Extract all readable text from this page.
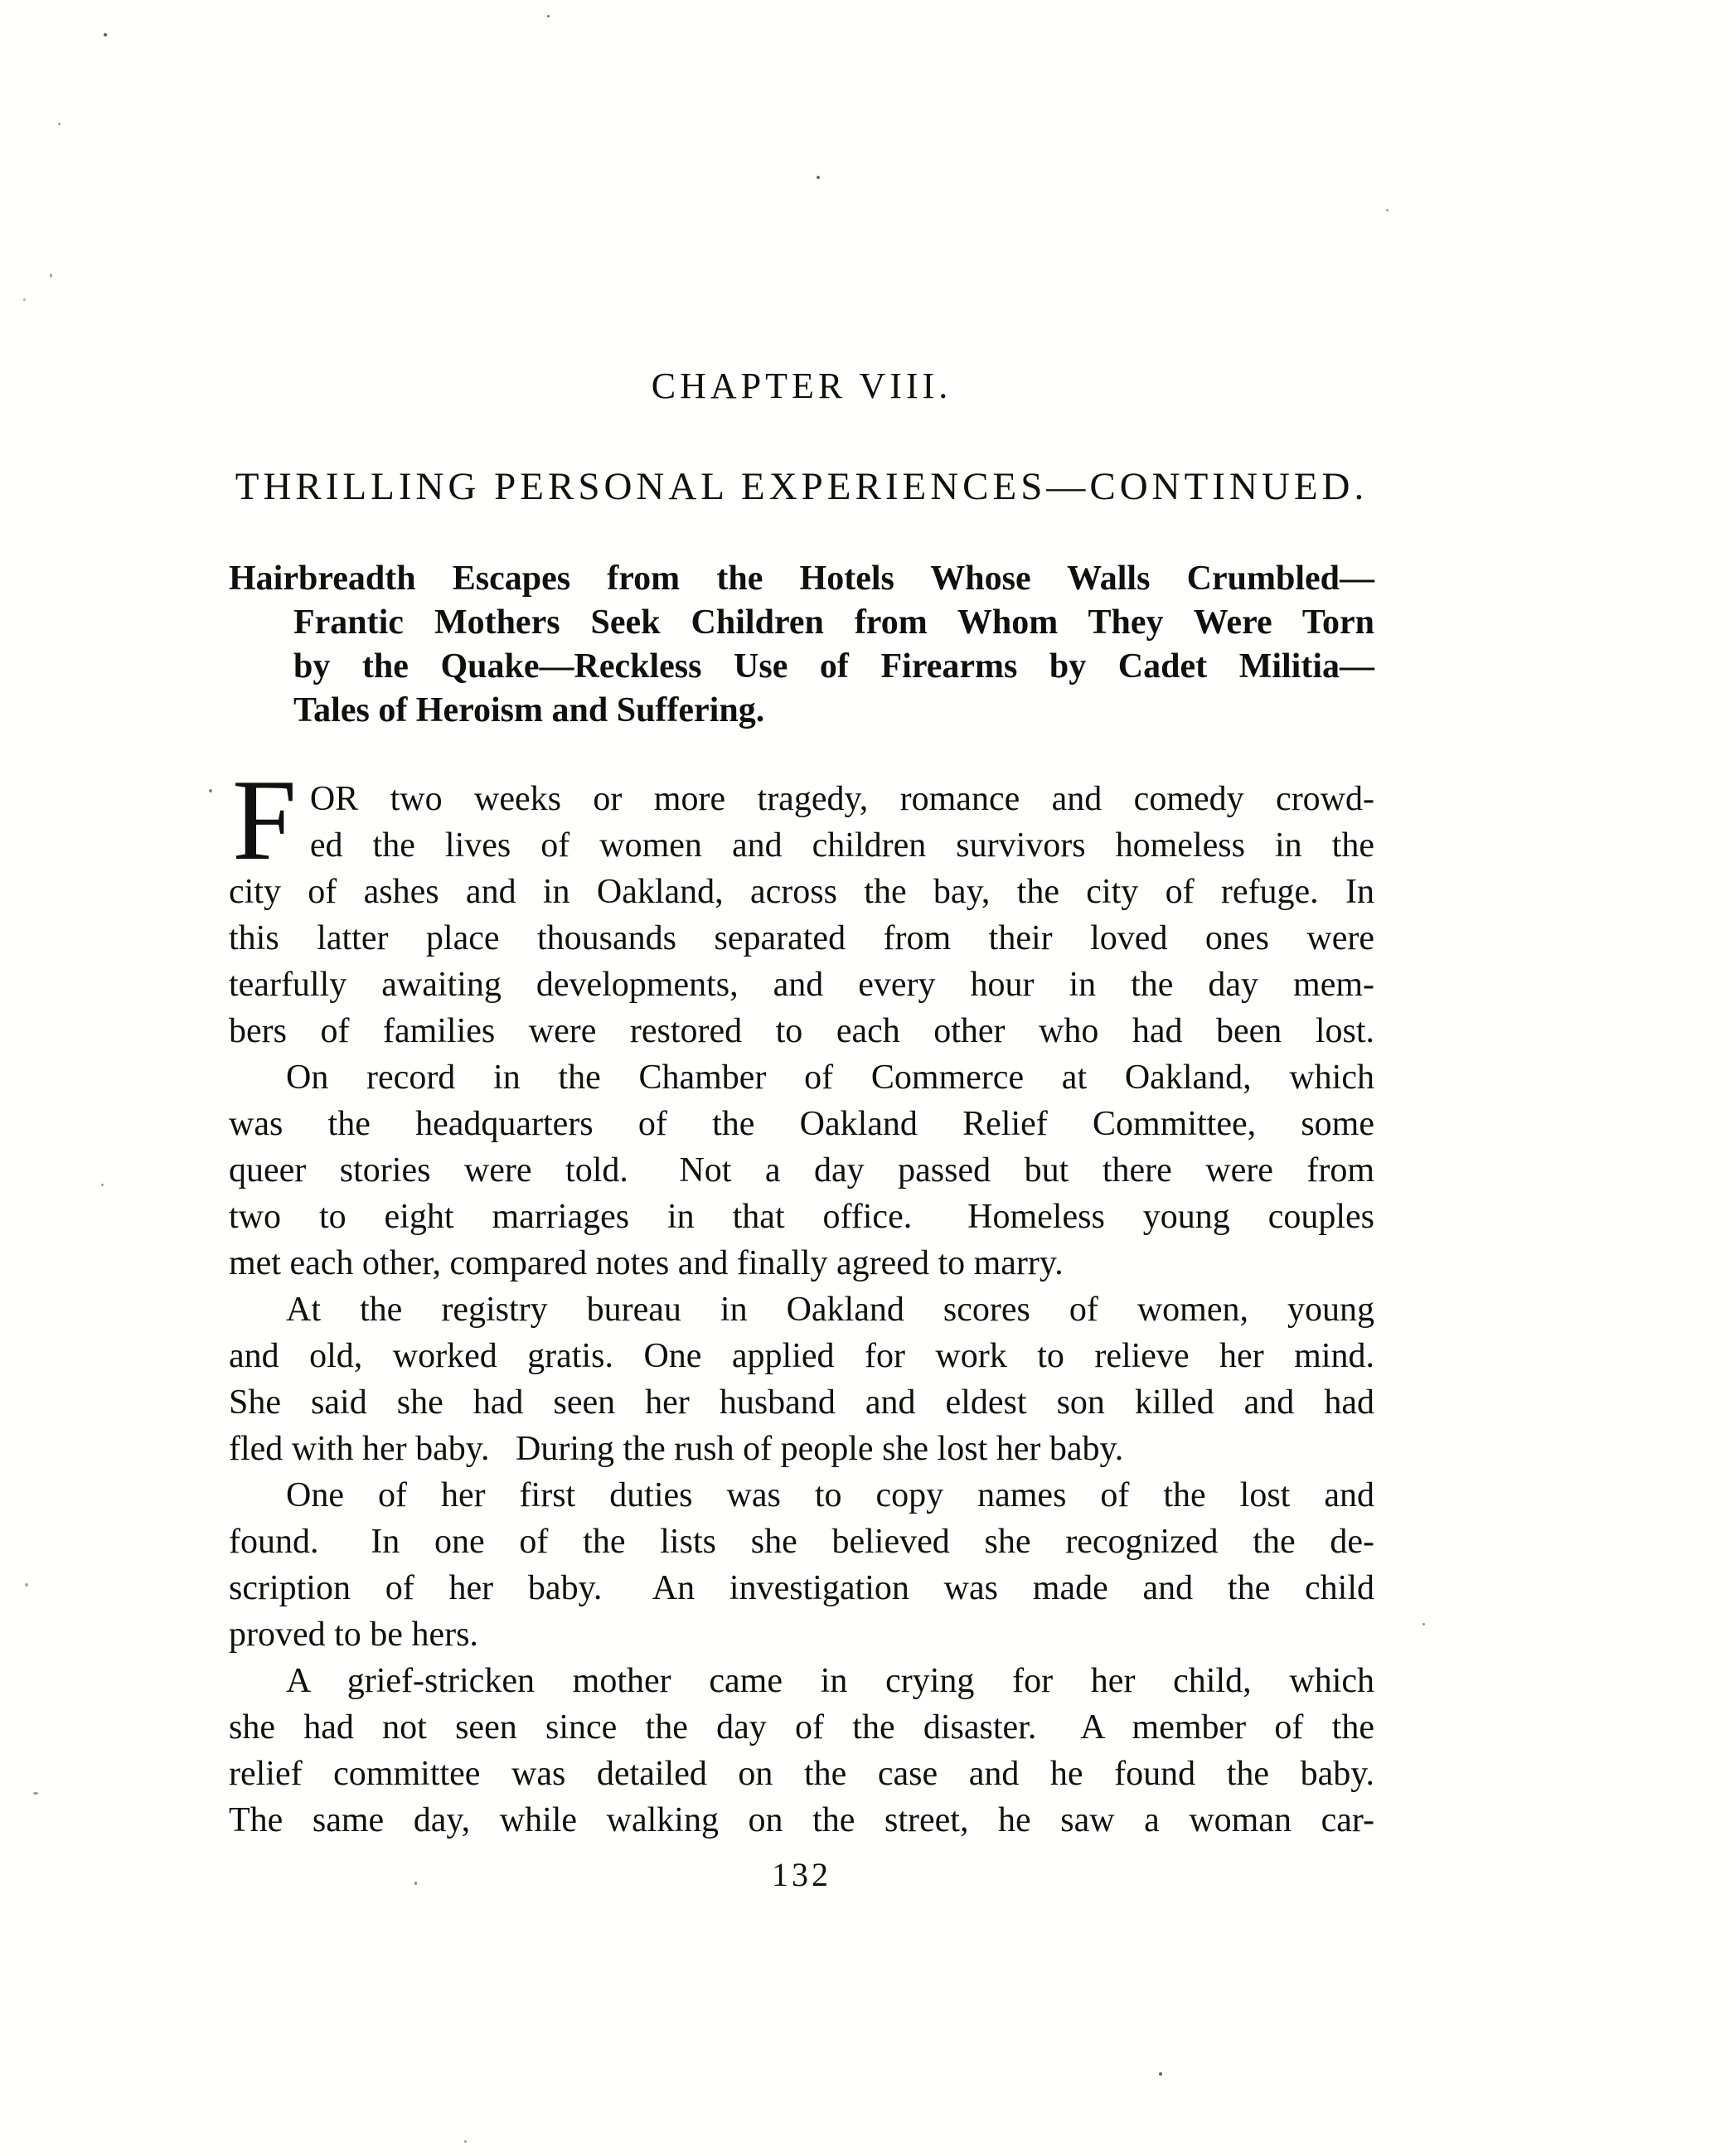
CHAPTER VIII.
THRILLING PERSONAL EXPERIENCES—CONTINUED.
Hairbreadth Escapes from the Hotels Whose Walls Crumbled—
Frantic Mothers Seek Children from Whom They Were Torn
by the Quake—Reckless Use of Firearms by Cadet Militia—
Tales of Heroism and Suffering.
F OR two weeks or more tragedy, romance and comedy crowd-
ed the lives of women and children survivors homeless in the
city of ashes and in Oakland, across the bay, the city of refuge. In
this latter place thousands separated from their loved ones were
tearfully awaiting developments, and every hour in the day mem-
bers of families were restored to each other who had been lost.
On record in the Chamber of Commerce at Oakland, which
was the headquarters of the Oakland Relief Committee, some
queer stories were told.  Not a day passed but there were from
two to eight marriages in that office.  Homeless young couples
met each other, compared notes and finally agreed to marry.
At the registry bureau in Oakland scores of women, young
and old, worked gratis. One applied for work to relieve her mind.
She said she had seen her husband and eldest son killed and had
fled with her baby.  During the rush of people she lost her baby.
One of her first duties was to copy names of the lost and
found.  In one of the lists she believed she recognized the de-
scription of her baby.  An investigation was made and the child
proved to be hers.
A grief-stricken mother came in crying for her child, which
she had not seen since the day of the disaster.  A member of the
relief committee was detailed on the case and he found the baby.
The same day, while walking on the street, he saw a woman car-
132
